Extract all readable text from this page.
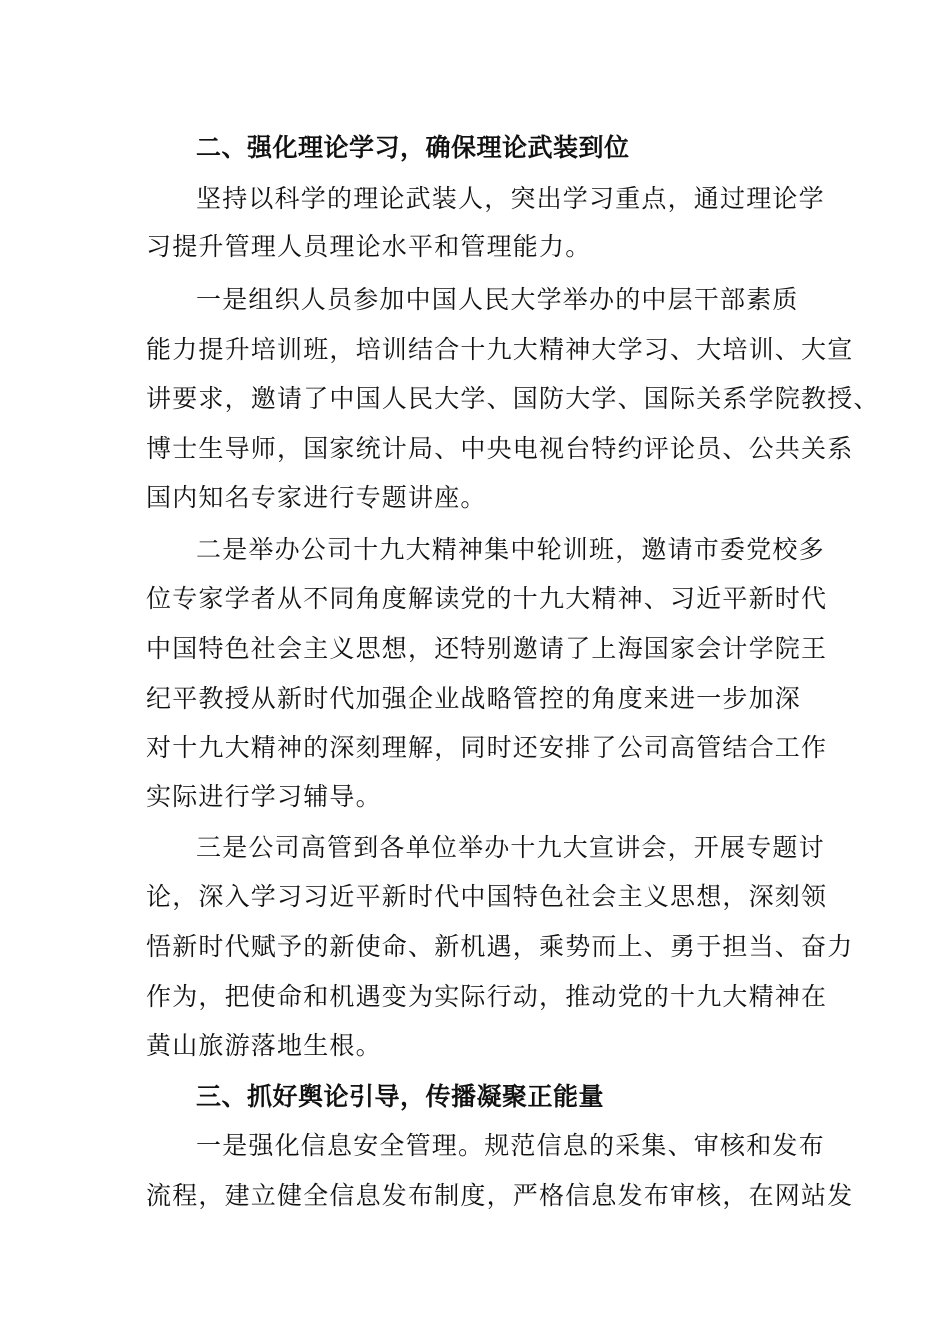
二、强化理论学习，确保理论武装到位
坚持以科学的理论武装人，突出学习重点，通过理论学
习提升管理人员理论水平和管理能力。
一是组织人员参加中国人民大学举办的中层干部素质
能力提升培训班，培训结合十九大精神大学习、大培训、大宣
讲要求，邀请了中国人民大学、国防大学、国际关系学院教授、
博士生导师，国家统计局、中央电视台特约评论员、公共关系
国内知名专家进行专题讲座。
二是举办公司十九大精神集中轮训班，邀请市委党校多
位专家学者从不同角度解读党的十九大精神、习近平新时代
中国特色社会主义思想，还特别邀请了上海国家会计学院王
纪平教授从新时代加强企业战略管控的角度来进一步加深
对十九大精神的深刻理解，同时还安排了公司高管结合工作
实际进行学习辅导。
三是公司高管到各单位举办十九大宣讲会，开展专题讨
论，深入学习习近平新时代中国特色社会主义思想，深刻领
悟新时代赋予的新使命、新机遇，乘势而上、勇于担当、奋力
作为，把使命和机遇变为实际行动，推动党的十九大精神在
黄山旅游落地生根。
三、抓好舆论引导，传播凝聚正能量
一是强化信息安全管理。规范信息的采集、审核和发布
流程，建立健全信息发布制度，严格信息发布审核，在网站发
